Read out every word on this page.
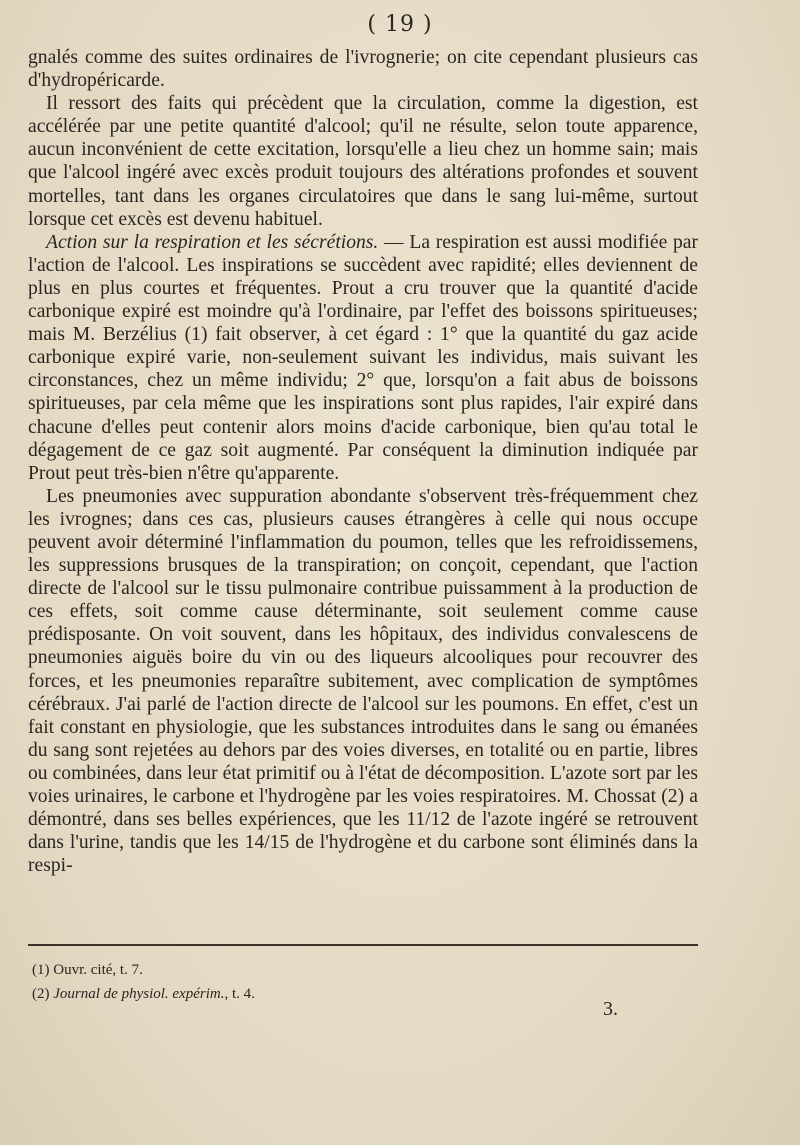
( 19 )

gnalés comme des suites ordinaires de l'ivrognerie; on cite cependant plusieurs cas d'hydropéricarde.

Il ressort des faits qui précèdent que la circulation, comme la digestion, est accélérée par une petite quantité d'alcool; qu'il ne résulte, selon toute apparence, aucun inconvénient de cette excitation, lorsqu'elle a lieu chez un homme sain; mais que l'alcool ingéré avec excès produit toujours des altérations profondes et souvent mortelles, tant dans les organes circulatoires que dans le sang lui-même, surtout lorsque cet excès est devenu habituel.

Action sur la respiration et les sécrétions. — La respiration est aussi modifiée par l'action de l'alcool. Les inspirations se succèdent avec rapidité; elles deviennent de plus en plus courtes et fréquentes. Prout a cru trouver que la quantité d'acide carbonique expiré est moindre qu'à l'ordinaire, par l'effet des boissons spiritueuses; mais M. Berzélius (1) fait observer, à cet égard : 1° que la quantité du gaz acide carbonique expiré varie, non-seulement suivant les individus, mais suivant les circonstances, chez un même individu; 2° que, lorsqu'on a fait abus de boissons spiritueuses, par cela même que les inspirations sont plus rapides, l'air expiré dans chacune d'elles peut contenir alors moins d'acide carbonique, bien qu'au total le dégagement de ce gaz soit augmenté. Par conséquent la diminution indiquée par Prout peut très-bien n'être qu'apparente.

Les pneumonies avec suppuration abondante s'observent très-fréquemment chez les ivrognes; dans ces cas, plusieurs causes étrangères à celle qui nous occupe peuvent avoir déterminé l'inflammation du poumon, telles que les refroidissemens, les suppressions brusques de la transpiration; on conçoit, cependant, que l'action directe de l'alcool sur le tissu pulmonaire contribue puissamment à la production de ces effets, soit comme cause déterminante, soit seulement comme cause prédisposante. On voit souvent, dans les hôpitaux, des individus convalescens de pneumonies aiguës boire du vin ou des liqueurs alcooliques pour recouvrer des forces, et les pneumonies reparaître subitement, avec complication de symptômes cérébraux. J'ai parlé de l'action directe de l'alcool sur les poumons. En effet, c'est un fait constant en physiologie, que les substances introduites dans le sang ou émanées du sang sont rejetées au dehors par des voies diverses, en totalité ou en partie, libres ou combinées, dans leur état primitif ou à l'état de décomposition. L'azote sort par les voies urinaires, le carbone et l'hydrogène par les voies respiratoires. M. Chossat (2) a démontré, dans ses belles expériences, que les 11/12 de l'azote ingéré se retrouvent dans l'urine, tandis que les 14/15 de l'hydrogène et du carbone sont éliminés dans la respi-

(1) Ouvr. cité, t. 7.

(2) Journal de physiol. expérim., t. 4.

3.
